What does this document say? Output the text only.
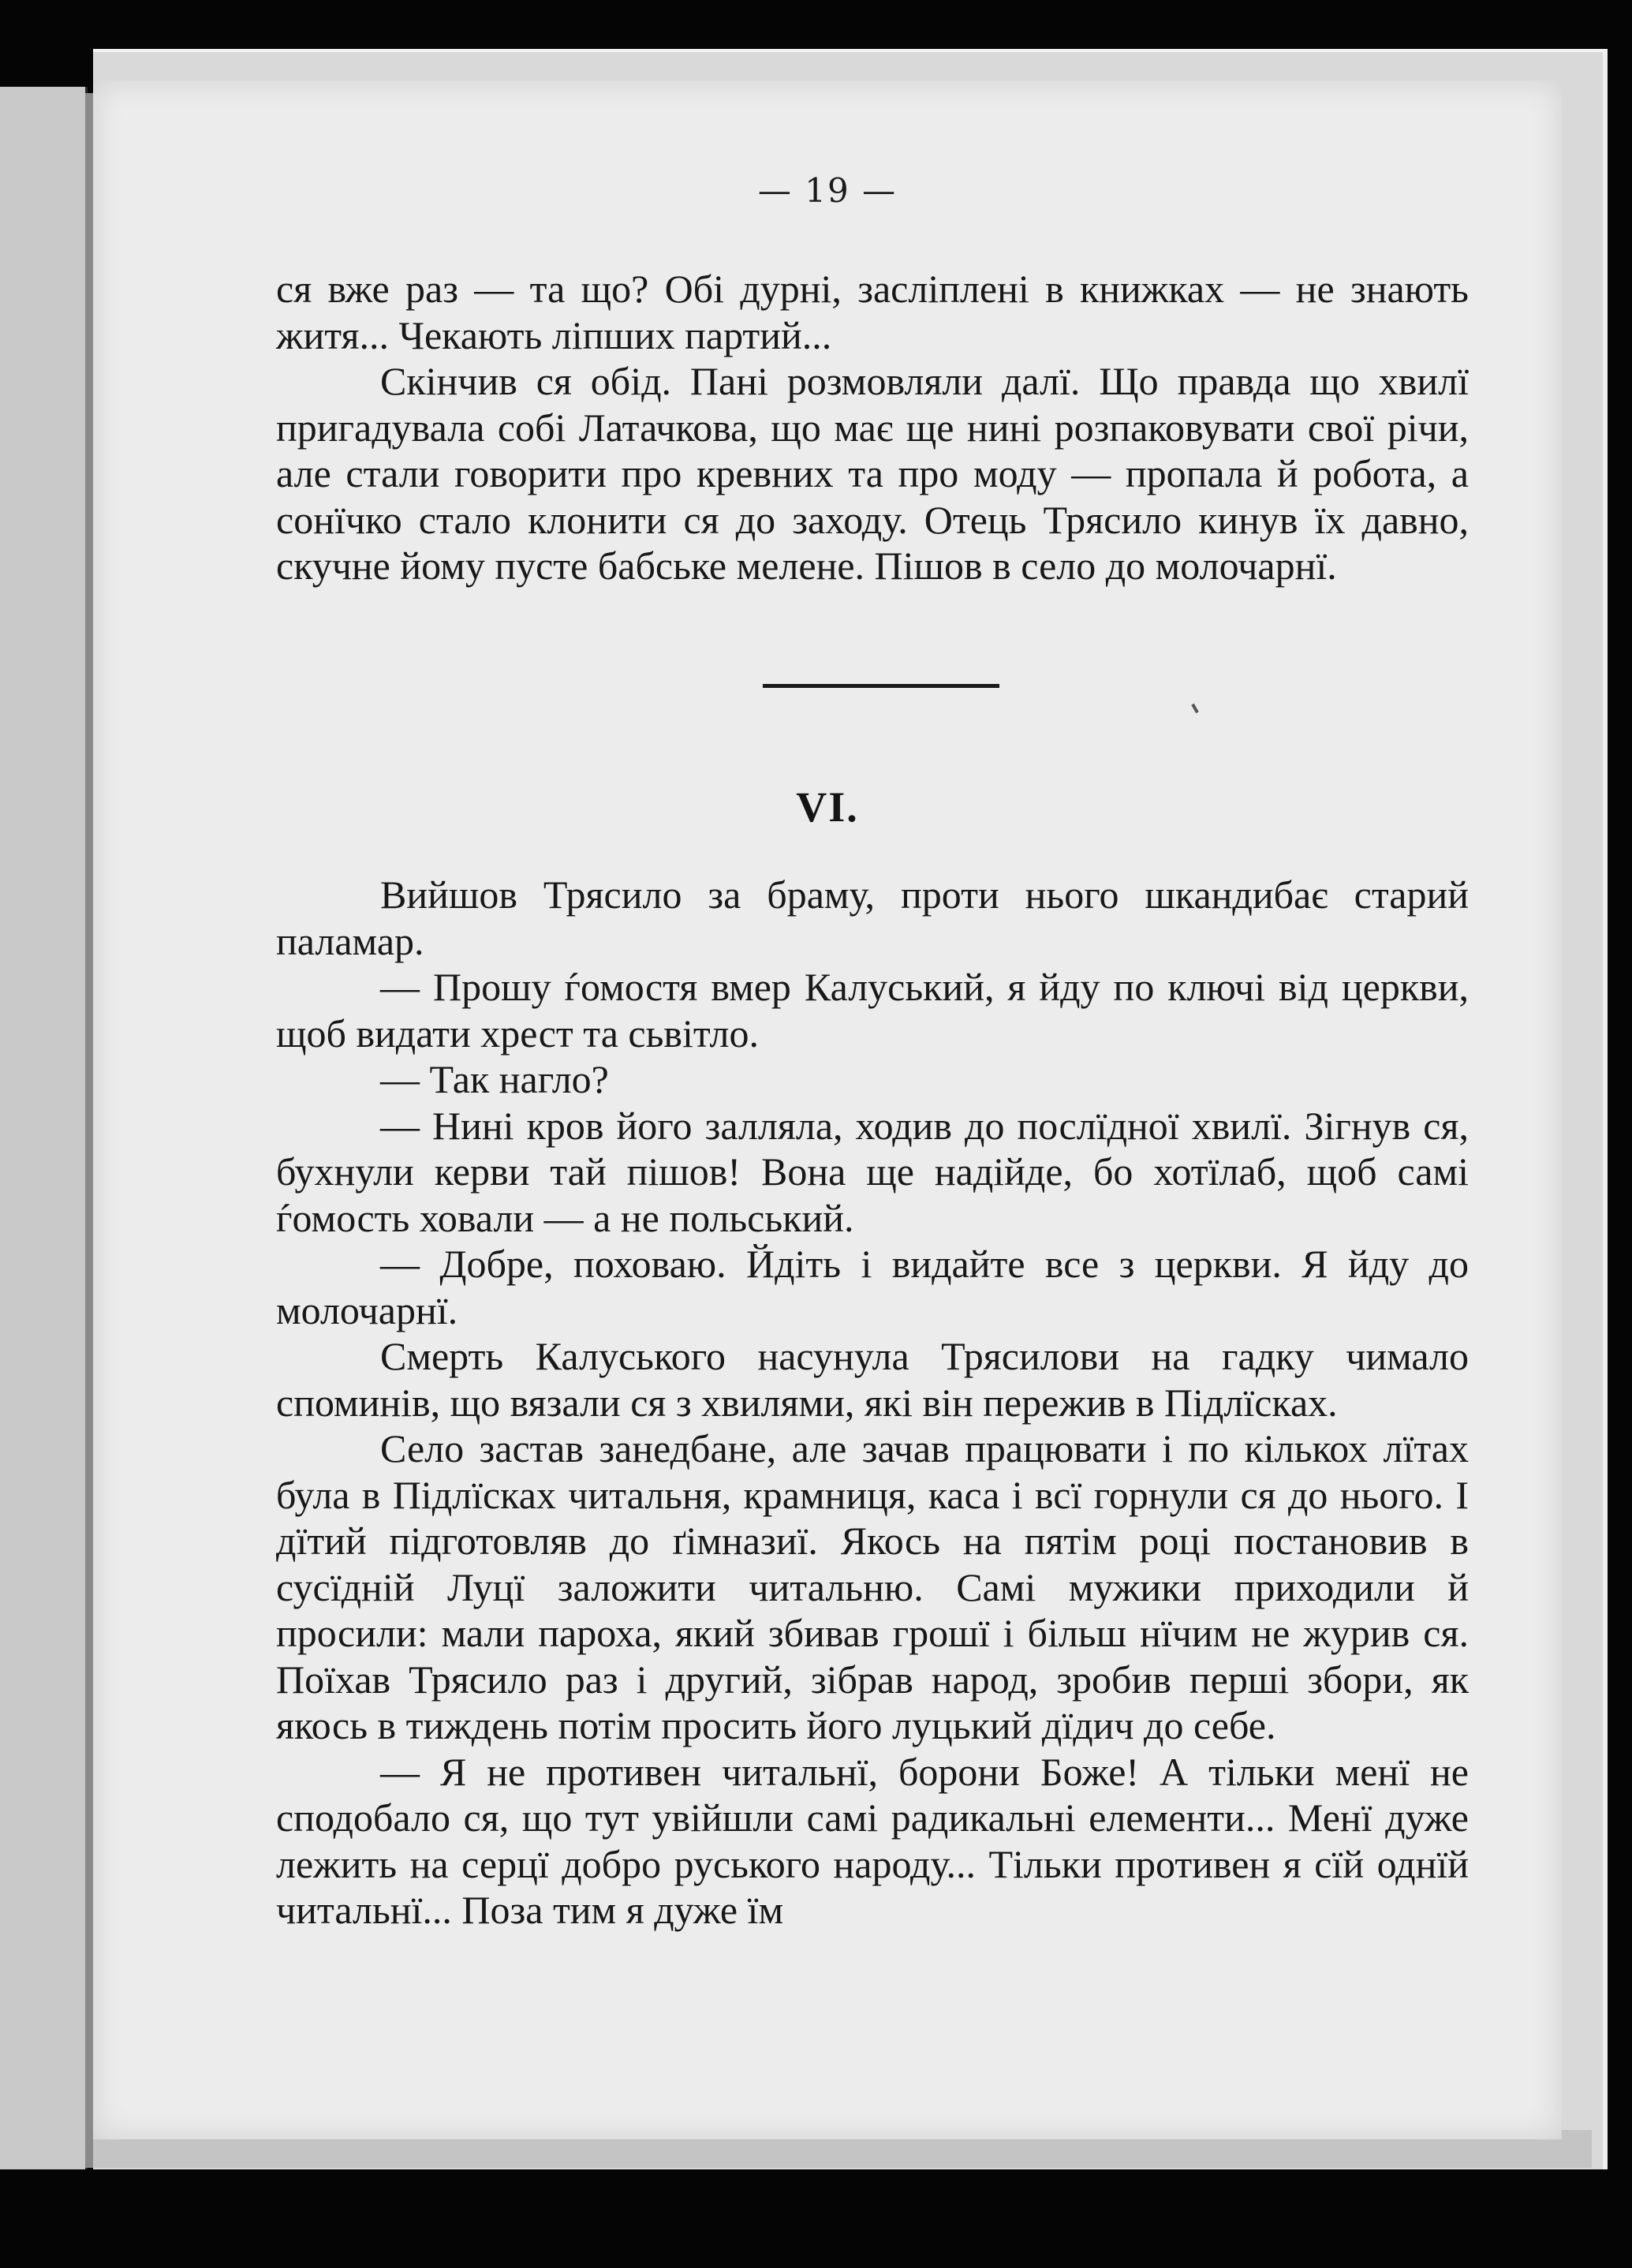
— 19 —

ся вже раз — та що? Обі дурні, засліплені в книжках — не знають житя... Чекають ліпших партий...

Скінчив ся обід. Пані розмовляли далї. Що правда що хвилї пригадувала собі Латачкова, що має ще нині розпаковувати свої річи, але стали говорити про кревних та про моду — пропала й робота, а сонїчко стало клонити ся до заходу. Отець Трясило кинув їх давно, скучне йому пусте бабське мелене. Пішов в село до молочарнї.

VI.

Вийшов Трясило за браму, проти нього шкандибає старий паламар.

— Прошу ѓомостя вмер Калуський, я йду по ключі від церкви, щоб видати хрест та сьвітло.

— Так нагло?

— Нині кров його залляла, ходив до послїдної хвилї. Зігнув ся, бухнули керви тай пішов! Вона ще надійде, бо хотїлаб, щоб самі ѓомость ховали — а не польський.

— Добре, поховаю. Йдіть і видайте все з церкви. Я йду до молочарнї.

Смерть Калуського насунула Трясилови на гадку чимало споминів, що вязали ся з хвилями, які він пережив в Підлїсках.

Село застав занедбане, але зачав працювати і по кількох лїтах була в Підлїсках читальня, крамниця, каса і всї горнули ся до нього. І дїтий підготовляв до ґімназиї. Якось на пятім році постановив в сусїдній Луцї заложити читальню. Самі мужики приходили й просили: мали пароха, який збивав грошї і більш нїчим не журив ся. Поїхав Трясило раз і другий, зібрав народ, зробив перші збори, як якось в тиждень потім просить його луцький дїдич до себе.

— Я не противен читальнї, борони Боже! А тільки менї не сподобало ся, що тут увійшли самі радикальні елементи... Менї дуже лежить на серцї добро руського народу... Тільки противен я сїй однїй читальнї... Поза тим я дуже їм
